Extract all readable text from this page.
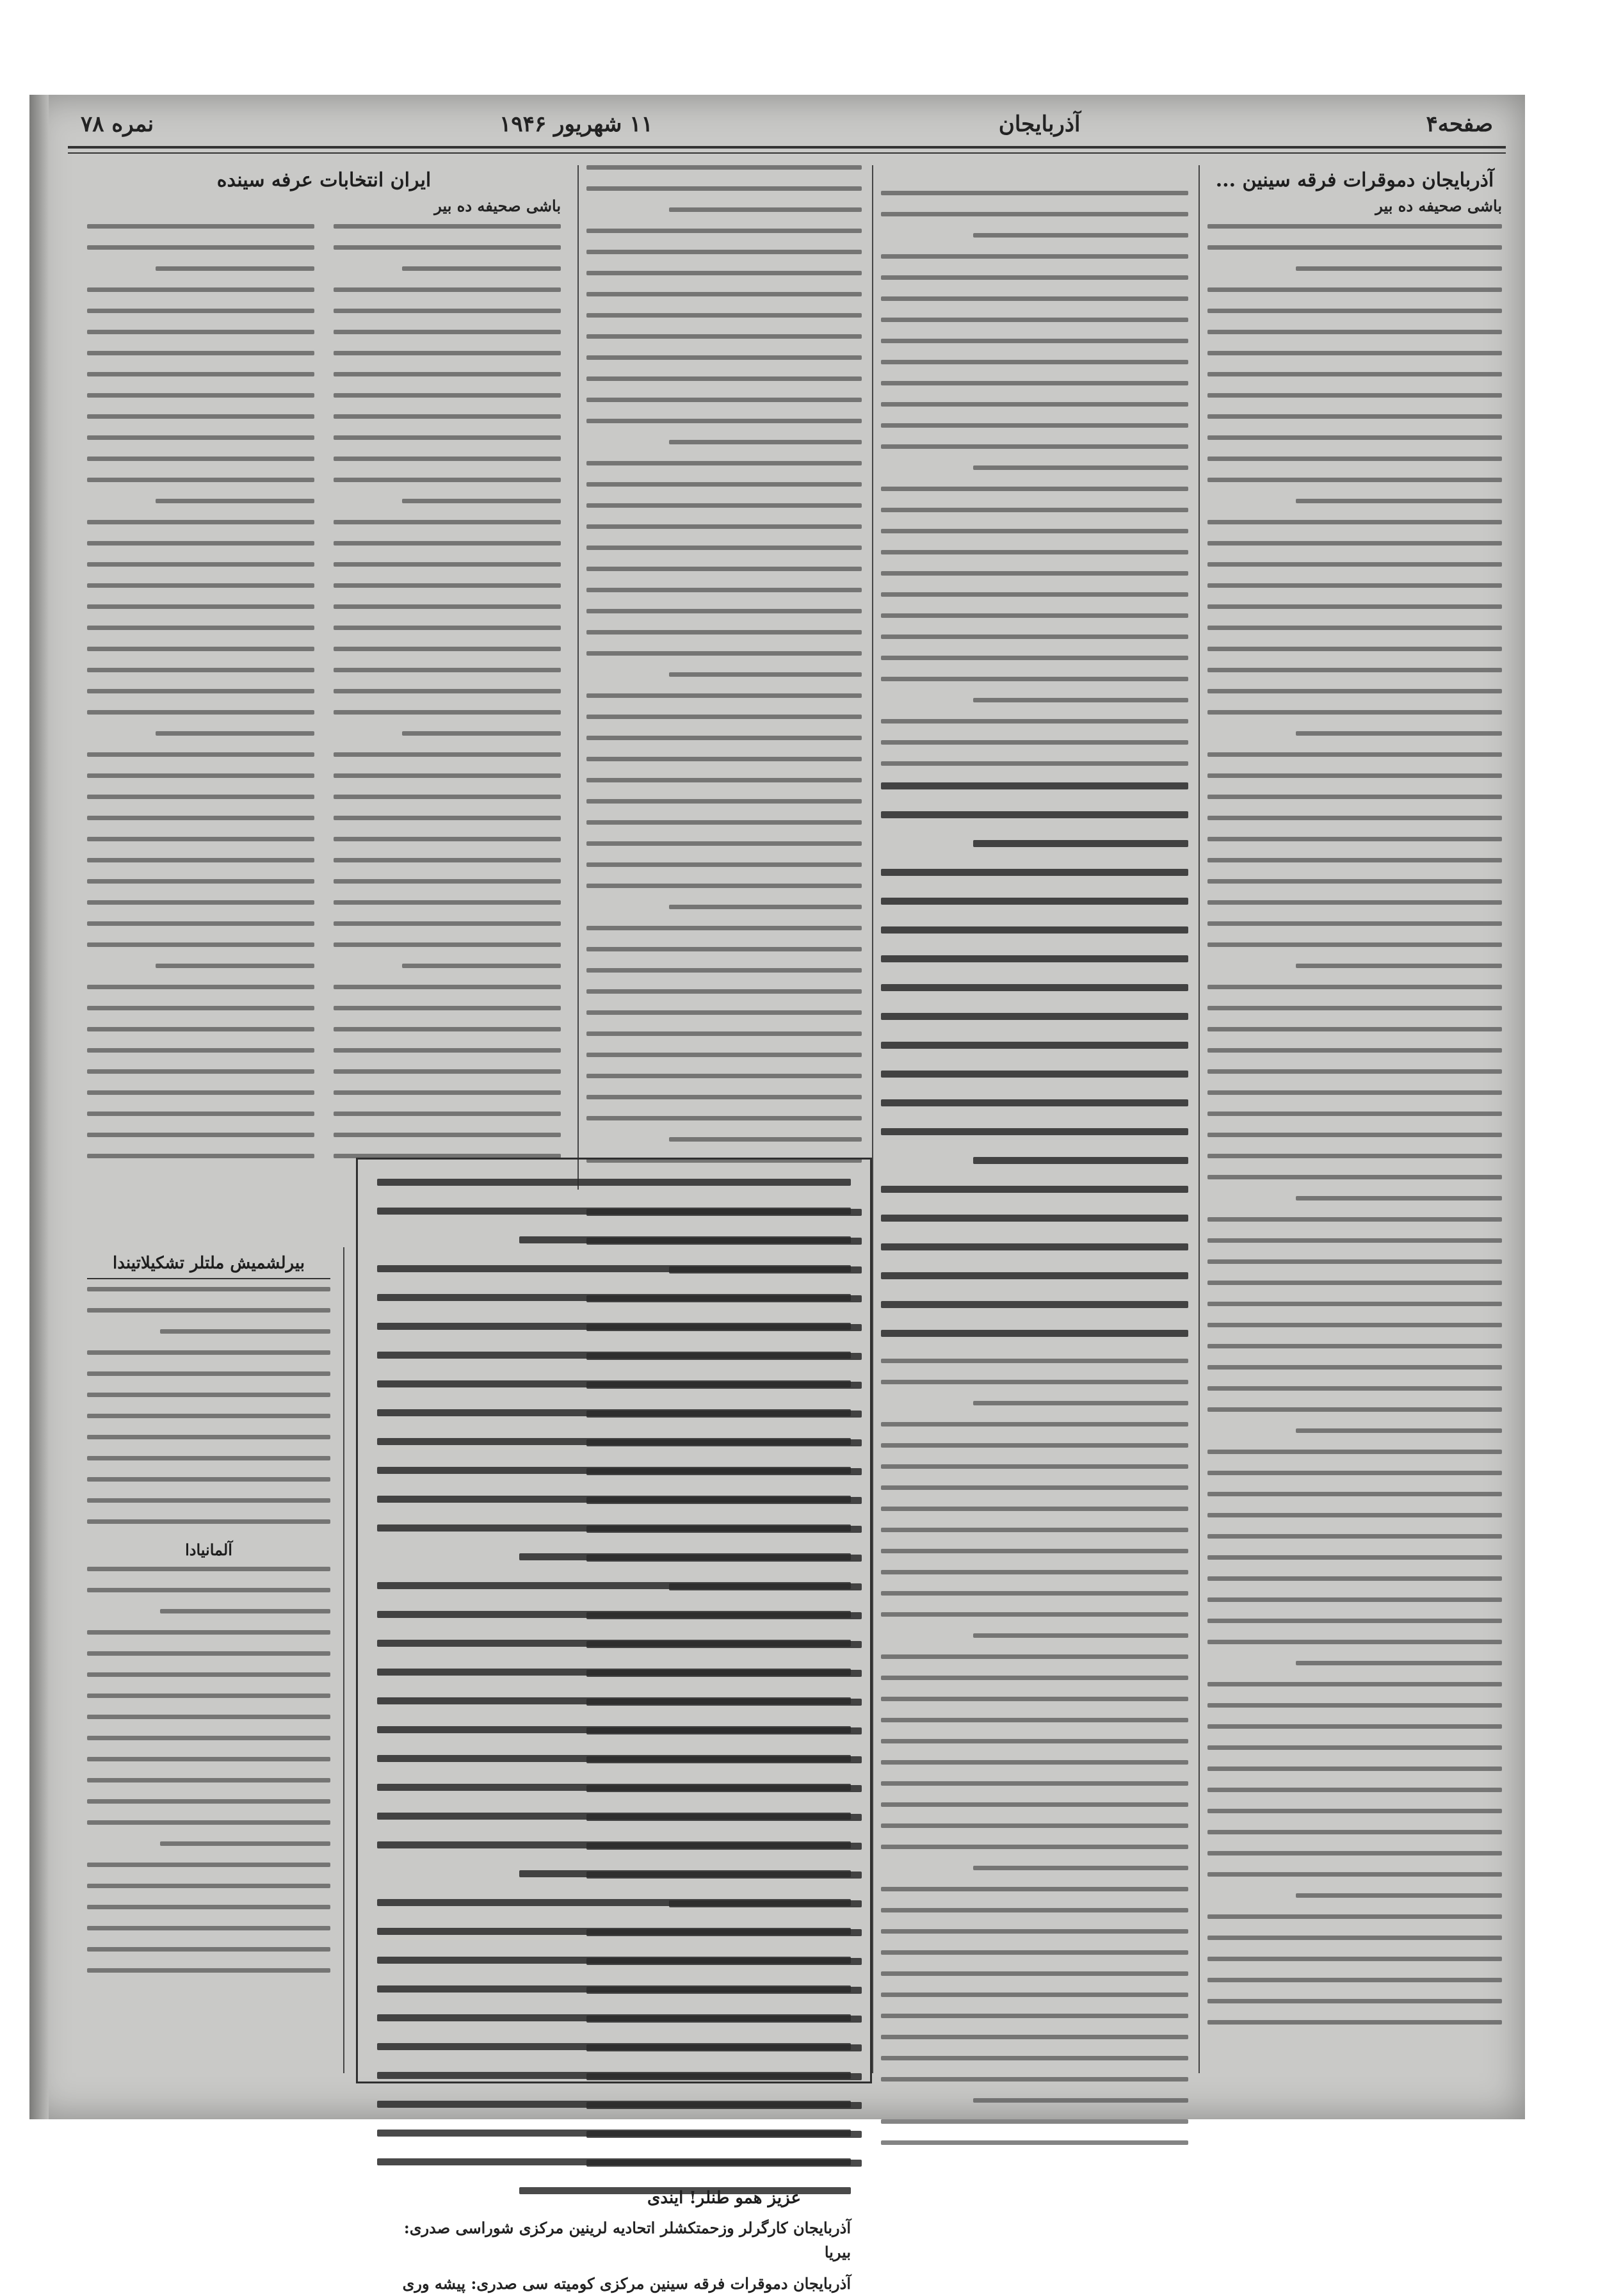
صفحه۴
آذربایجان
۱۱ شهریور ۱۹۴۶
نمره ۷۸
آذربایجان دموقرات فرقه سینین ...
باشی صحیفه ده بیر
ایران انتخابات عرفه سینده
باشی صحیفه ده بیر
بیرلشمیش ملتلر تشکیلاتیندا
آلمانیادا
آذربایجان کارگرلر وزحمتکشلر اتحادیه لرینین مرکزی شوراسی صدری: بیریا
آذربایجان دموقرات فرقه سینین مرکزی کومیته سی صدری: پیشه وری
عزیز همو طنلر! ایندی
